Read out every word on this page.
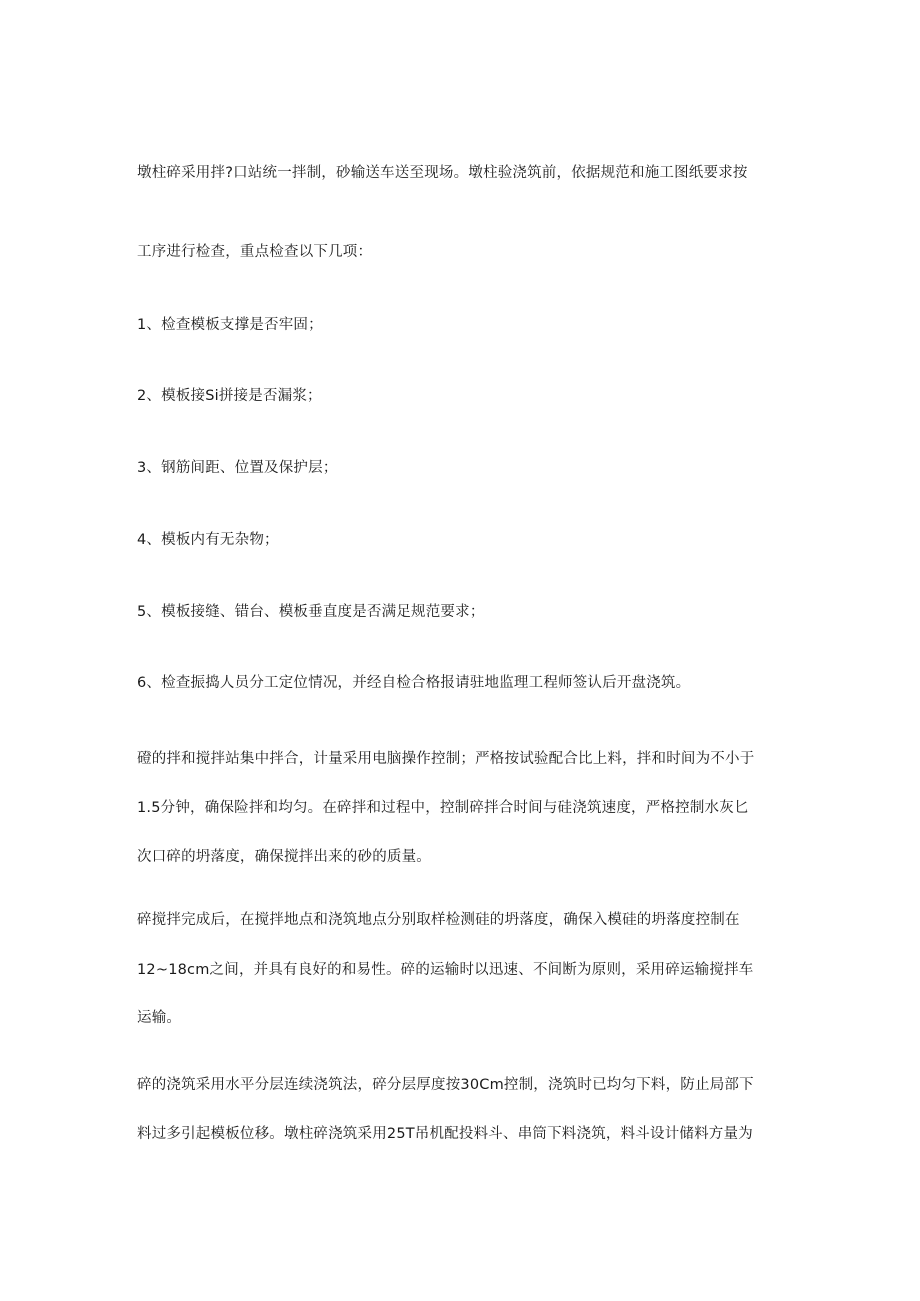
墩柱碎采用拌?口站统一拌制，砂输送车送至现场。墩柱验浇筑前，依据规范和施工图纸要求按
工序进行检查，重点检查以下几项：
1、检查模板支撑是否牢固；
2、模板接Si拼接是否漏浆；
3、钢筋间距、位置及保护层；
4、模板内有无杂物；
5、模板接缝、错台、模板垂直度是否满足规范要求；
6、检查振捣人员分工定位情况，并经自检合格报请驻地监理工程师签认后开盘浇筑。
磴的拌和搅拌站集中拌合，计量采用电脑操作控制；严格按试验配合比上料，拌和时间为不小于
1.5分钟，确保险拌和均匀。在碎拌和过程中，控制碎拌合时间与硅浇筑速度，严格控制水灰匕
次口碎的坍落度，确保搅拌出来的砂的质量。
碎搅拌完成后，在搅拌地点和浇筑地点分别取样检测硅的坍落度，确保入模硅的坍落度控制在
12~18cm之间，并具有良好的和易性。碎的运输时以迅速、不间断为原则，采用碎运输搅拌车
运输。
碎的浇筑采用水平分层连续浇筑法，碎分层厚度按30Cm控制，浇筑时已均匀下料，防止局部下
料过多引起模板位移。墩柱碎浇筑采用25T吊机配投料斗、串筒下料浇筑，料斗设计储料方量为
